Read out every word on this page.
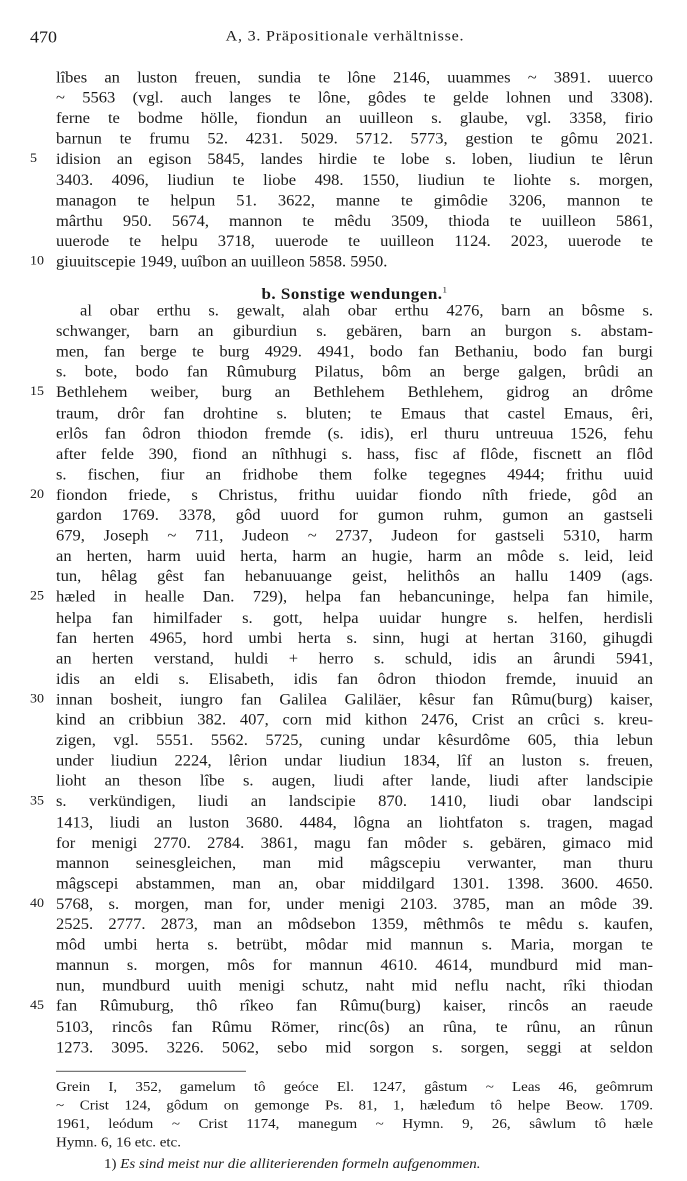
470	A, 3. Präpositionale verhältnisse.
lîbes an luston freuen, sundia te lône 2146, uuammes ~ 3891. uuerco
~ 5563 (vgl. auch langes te lône, gôdes te gelde lohnen und 3308).
ferne te bodme hölle, fiondun an uuilleon s. glaube, vgl. 3358, firio
barnun te frumu 52. 4231. 5029. 5712. 5773, gestion te gômu 2021.
idision an egison 5845, landes hirdie te lobe s. loben, liudiun te lêrun
3403. 4096, liudiun te liobe 498. 1550, liudiun te liohte s. morgen,
managon te helpun 51. 3622, manne te gimôdie 3206, mannon te
mârthu 950. 5674, mannon te mêdu 3509, thioda te uuilleon 5861,
uuerode te helpu 3718, uuerode te uuilleon 1124. 2023, uuerode te
giuuitscepie 1949, uuîbon an uuilleon 5858. 5950.
b. Sonstige wendungen.$^1$
al obar erthu s. gewalt, alah obar erthu 4276, barn an bôsme s.
schwanger, barn an giburdiun s. gebären, barn an burgon s. abstam-
men, fan berge te burg 4929. 4941, bodo fan Bethaniu, bodo fan burgi
s. bote, bodo fan Rûmuburg Pilatus, bôm an berge galgen, brûdi an
Bethlehem weiber, burg an Bethlehem Bethlehem, gidrog an drôme
traum, drôr fan drohtine s. bluten; te Emaus that castel Emaus, êri,
erlôs fan ôdron thiodon fremde (s. idis), erl thuru untreuua 1526, fehu
after felde 390, fiond an nîthhugi s. hass, fisc af flôde, fiscnett an flôd
s. fischen, fiur an fridhobe them folke tegegnes 4944; frithu uuid
fiondon friede, s Christus, frithu uuidar fiondo nîth friede, gôd an
gardon 1769. 3378, gôd uuord for gumon ruhm, gumon an gastseli
679, Joseph ~ 711, Judeon ~ 2737, Judeon for gastseli 5310, harm
an herten, harm uuid herta, harm an hugie, harm an môde s. leid, leid
tun, hêlag gêst fan hebanuuange geist, helithôs an hallu 1409 (ags.
hæled in healle Dan. 729), helpa fan hebancuninge, helpa fan himile,
helpa fan himilfader s. gott, helpa uuidar hungre s. helfen, herdisli
fan herten 4965, hord umbi herta s. sinn, hugi at hertan 3160, gihugdi
an herten verstand, huldi + herro s. schuld, idis an ârundi 5941,
idis an eldi s. Elisabeth, idis fan ôdron thiodon fremde, inuuid an
innan bosheit, iungro fan Galilea Galiläer, kêsur fan Rûmu(burg) kaiser,
kind an cribbiun 382. 407, corn mid kithon 2476, Crist an crûci s. kreu-
zigen, vgl. 5551. 5562. 5725, cuning undar kêsurdôme 605, thia lebun
under liudiun 2224, lêrion undar liudiun 1834, lîf an luston s. freuen,
lioht an theson lîbe s. augen, liudi after lande, liudi after landscipie
s. verkündigen, liudi an landscipie 870. 1410, liudi obar landscipi
1413, liudi an luston 3680. 4484, lôgna an liohtfaton s. tragen, magad
for menigi 2770. 2784. 3861, magu fan môder s. gebären, gimaco mid
mannon seinesgleichen, man mid mâgscepiu verwanter, man thuru
mâgscepi abstammen, man an, obar middilgard 1301. 1398. 3600. 4650.
5768, s. morgen, man for, under menigi 2103. 3785, man an môde 39.
2525. 2777. 2873, man an môdsebon 1359, mêthmôs te mêdu s. kaufen,
môd umbi herta s. betrübt, môdar mid mannun s. Maria, morgan te
mannun s. morgen, môs for mannun 4610. 4614, mundburd mid man-
nun, mundburd uuith menigi schutz, naht mid neflu nacht, rîki thiodan
fan Rûmuburg, thô rîkeo fan Rûmu(burg) kaiser, rincôs an raeude
5103, rincôs fan Rûmu Römer, rinc(ôs) an rûna, te rûnu, an rûnun
1273. 3095. 3226. 5062, sebo mid sorgon s. sorgen, seggi at seldon
5
10
15
20
25
30
35
40
45
Grein I, 352, gamelum tô geóce El. 1247, gâstum ~ Leas 46, geômrum
~ Crist 124, gôdum on gemonge Ps. 81, 1, hæleđum tô helpe Beow. 1709.
1961, leódum ~ Crist 1174, manegum ~ Hymn. 9, 26, sâwlum tô hæle
Hymn. 6, 16 etc. etc.
1) Es sind meist nur die alliterierenden formeln aufgenommen.
